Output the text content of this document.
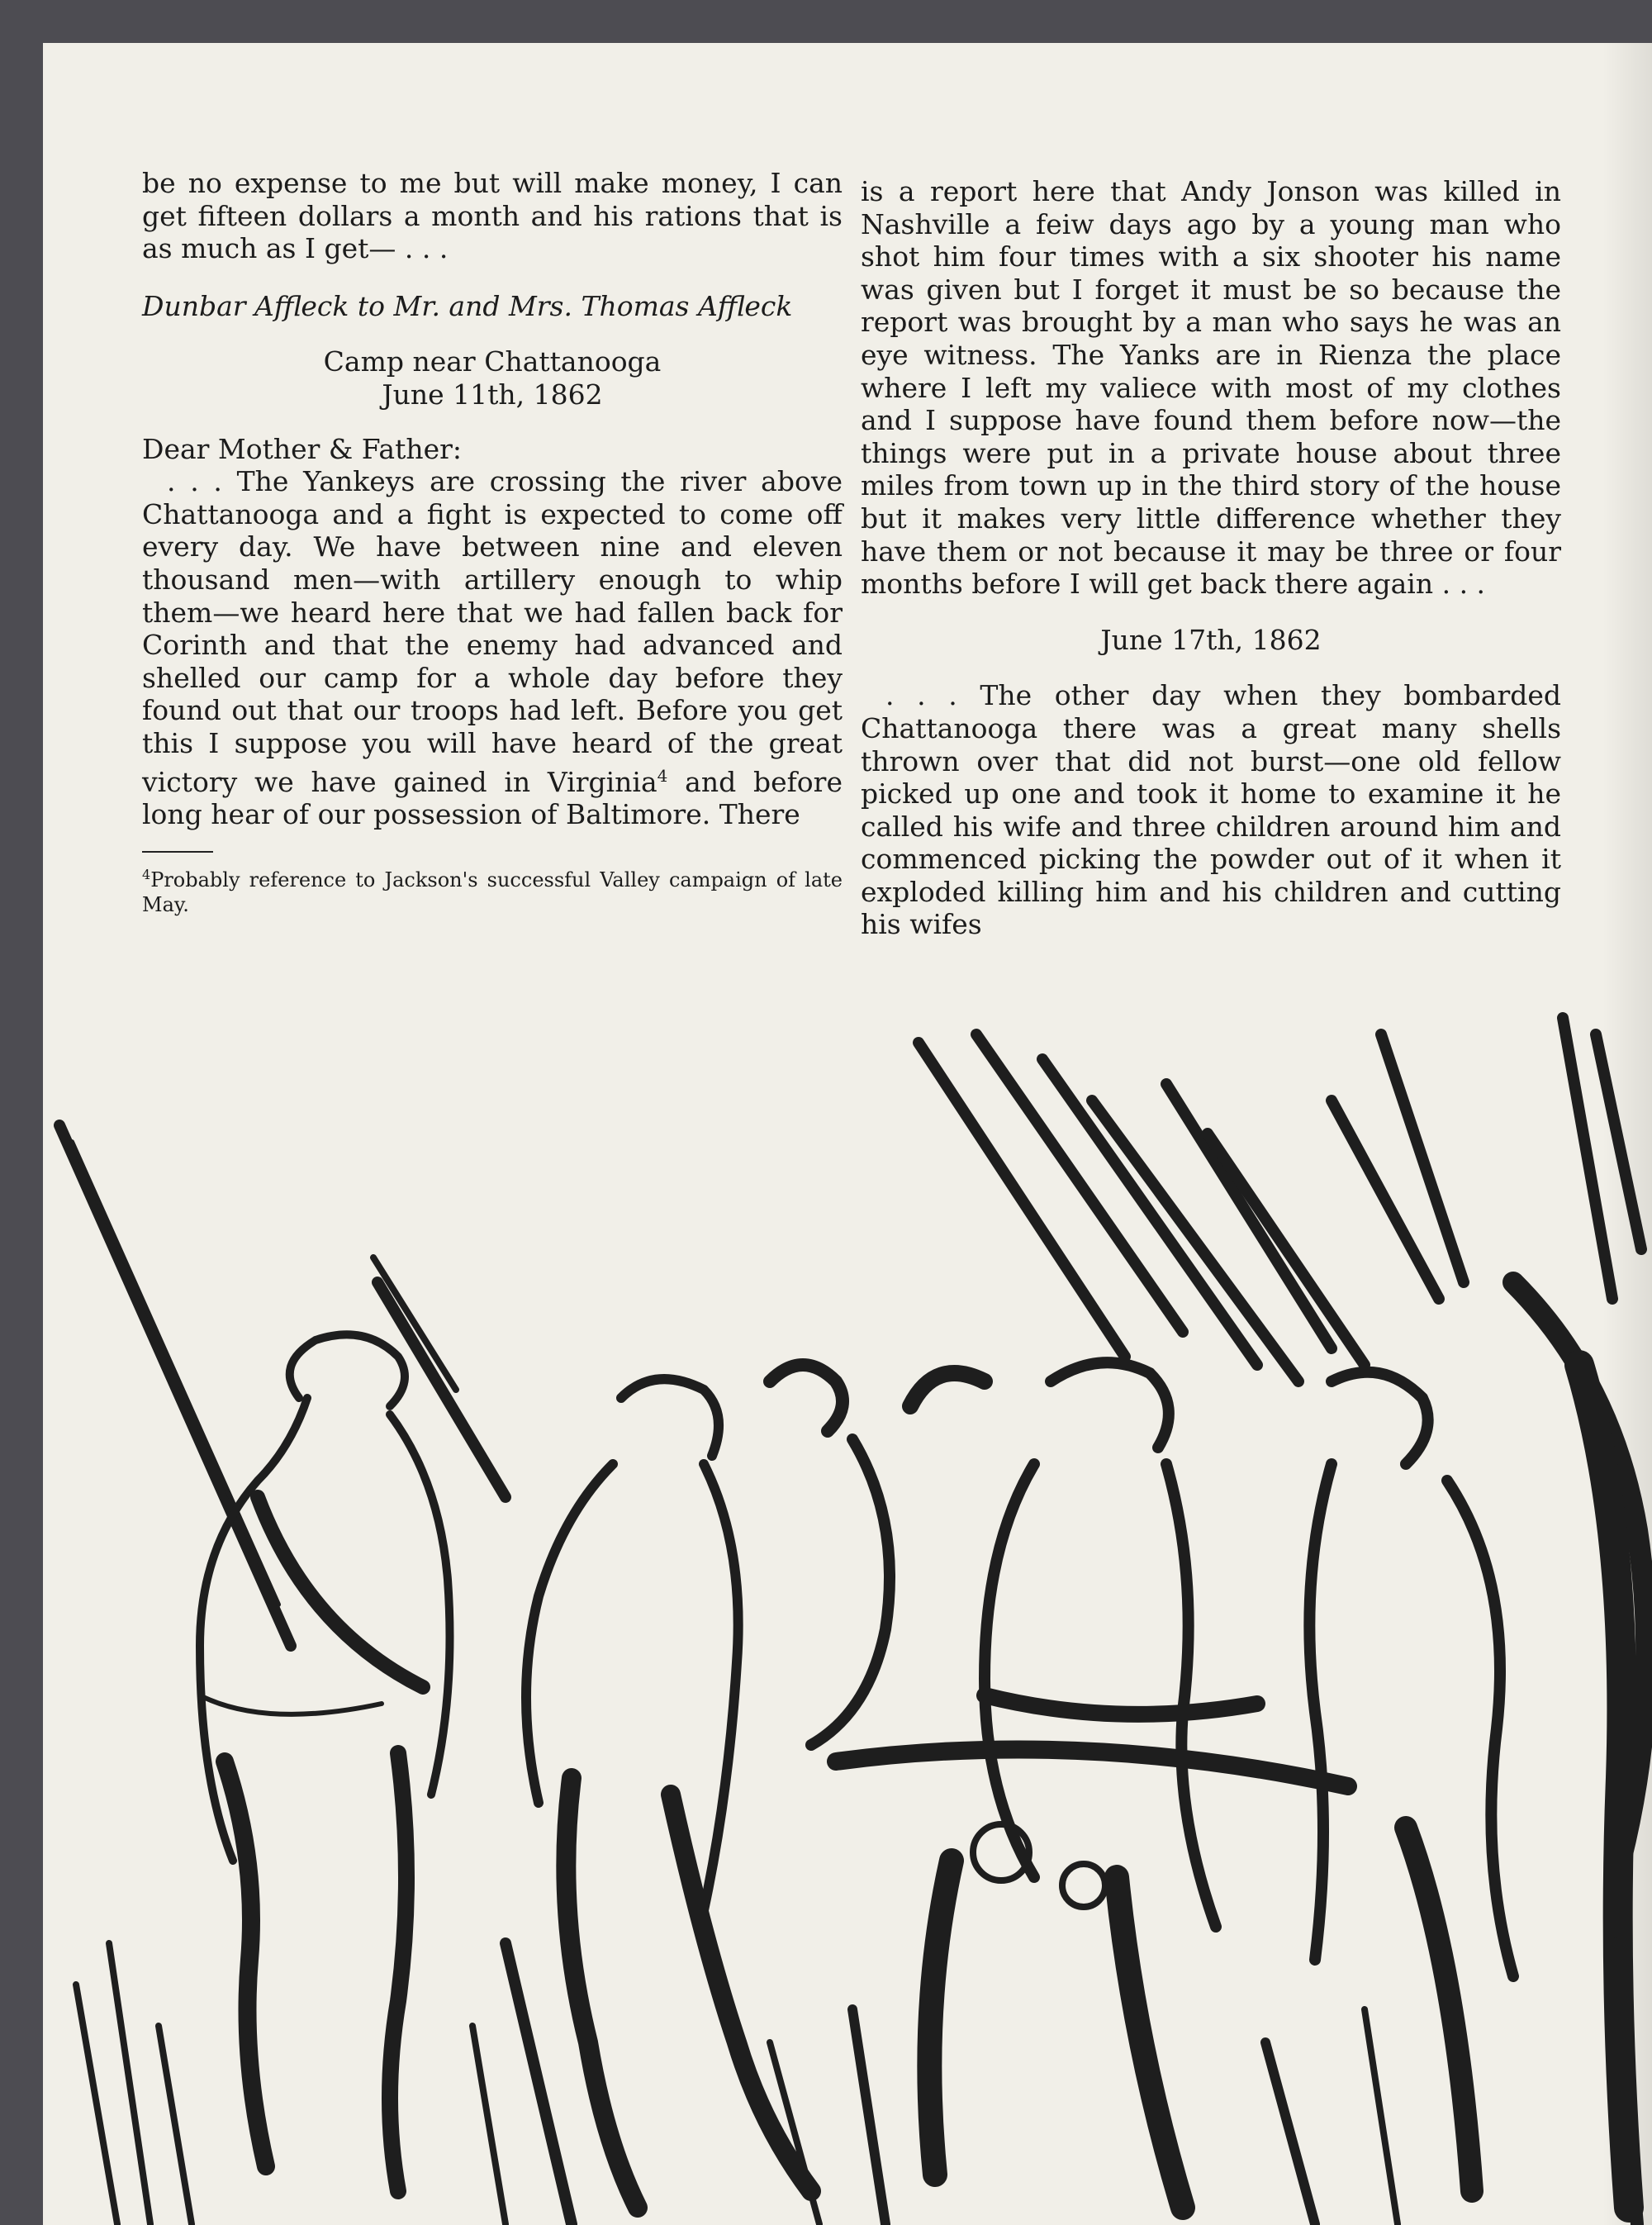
be no expense to me but will make money, I can get fifteen dollars a month and his rations that is as much as I get— . . .

Dunbar Affleck to Mr. and Mrs. Thomas Affleck

Camp near Chattanooga

June 11th, 1862

Dear Mother & Father:

. . . The Yankeys are crossing the river above Chattanooga and a fight is expected to come off every day. We have between nine and eleven thousand men—with artillery enough to whip them—we heard here that we had fallen back for Corinth and that the enemy had advanced and shelled our camp for a whole day before they found out that our troops had left. Before you get this I suppose you will have heard of the great victory we have gained in Virginia$^4$ and before long hear of our possession of Baltimore. There

$^4$Probably reference to Jackson's successful Valley campaign of late May.

is a report here that Andy Jonson was killed in Nashville a feiw days ago by a young man who shot him four times with a six shooter his name was given but I forget it must be so because the report was brought by a man who says he was an eye witness. The Yanks are in Rienza the place where I left my valiece with most of my clothes and I suppose have found them before now—the things were put in a private house about three miles from town up in the third story of the house but it makes very little difference whether they have them or not because it may be three or four months before I will get back there again . . .

June 17th, 1862

. . . The other day when they bombarded Chattanooga there was a great many shells thrown over that did not burst—one old fellow picked up one and took it home to examine it he called his wife and three children around him and commenced picking the powder out of it when it exploded killing him and his children and cutting his wifes
